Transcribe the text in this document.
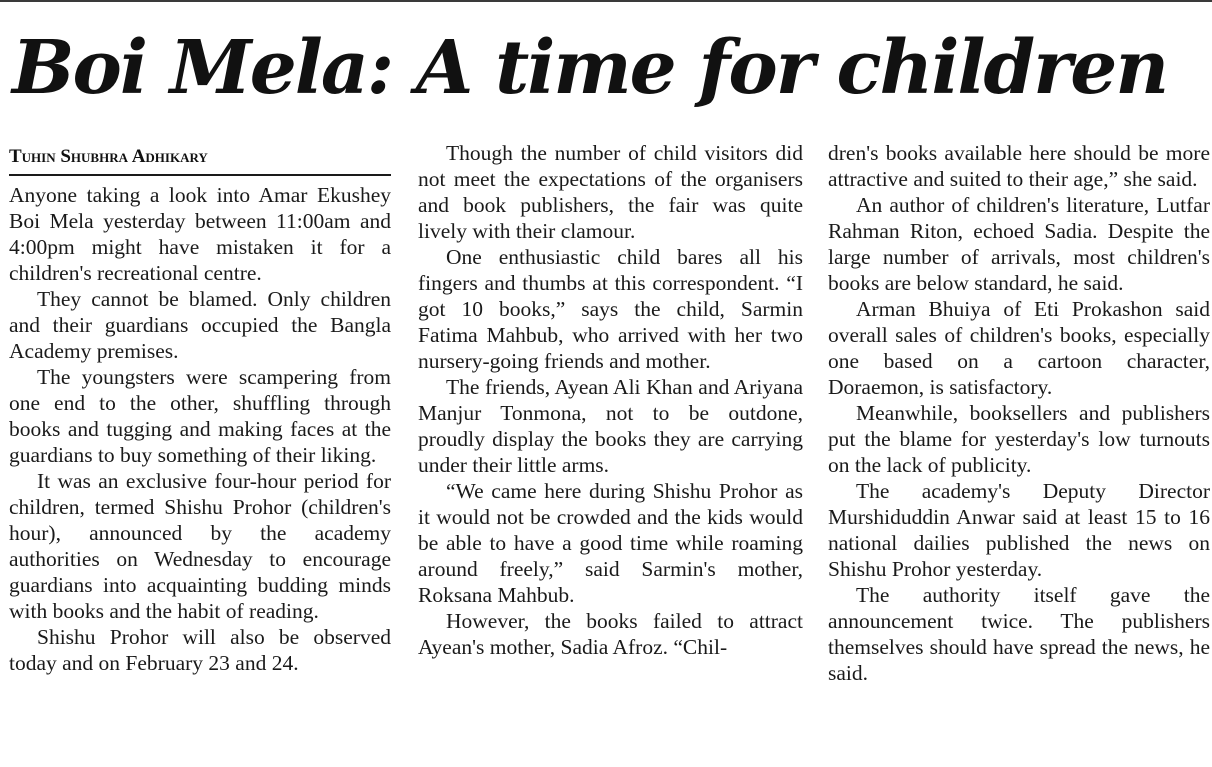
Boi Mela: A time for children
Tuhin Shubhra Adhikary

Anyone taking a look into Amar Ekushey Boi Mela yesterday between 11:00am and 4:00pm might have mistaken it for a children's recreational centre.

They cannot be blamed. Only children and their guardians occupied the Bangla Academy premises.

The youngsters were scampering from one end to the other, shuffling through books and tugging and making faces at the guardians to buy something of their liking.

It was an exclusive four-hour period for children, termed Shishu Prohor (children's hour), announced by the academy authorities on Wednesday to encourage guardians into acquainting budding minds with books and the habit of reading.

Shishu Prohor will also be observed today and on February 23 and 24.

Though the number of child visitors did not meet the expectations of the organisers and book publishers, the fair was quite lively with their clamour.

One enthusiastic child bares all his fingers and thumbs at this correspondent. “I got 10 books,” says the child, Sarmin Fatima Mahbub, who arrived with her two nursery-going friends and mother.

The friends, Ayean Ali Khan and Ariyana Manjur Tonmona, not to be outdone, proudly display the books they are carrying under their little arms.

“We came here during Shishu Prohor as it would not be crowded and the kids would be able to have a good time while roaming around freely,” said Sarmin's mother, Roksana Mahbub.

However, the books failed to attract Ayean's mother, Sadia Afroz. “Chil-

dren's books available here should be more attractive and suited to their age,” she said.

An author of children's literature, Lutfar Rahman Riton, echoed Sadia. Despite the large number of arrivals, most children's books are below standard, he said.

Arman Bhuiya of Eti Prokashon said overall sales of children's books, especially one based on a cartoon character, Doraemon, is satisfactory.

Meanwhile, booksellers and publishers put the blame for yesterday's low turnouts on the lack of publicity.

The academy's Deputy Director Murshiduddin Anwar said at least 15 to 16 national dailies published the news on Shishu Prohor yesterday.

The authority itself gave the announcement twice. The publishers themselves should have spread the news, he said.
